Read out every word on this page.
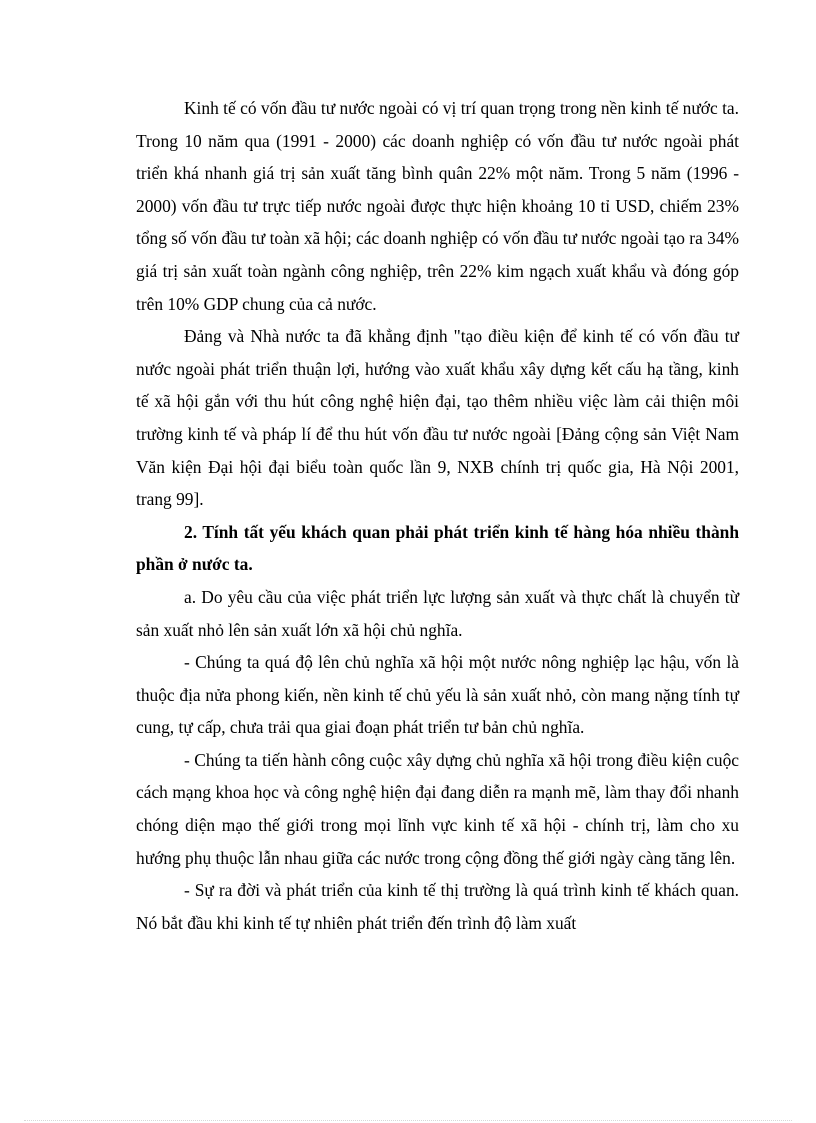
Kinh tế có vốn đầu tư nước ngoài có vị trí quan trọng trong nền kinh tế nước ta. Trong 10 năm qua (1991 - 2000) các doanh nghiệp có vốn đầu tư nước ngoài phát triển khá nhanh giá trị sản xuất tăng bình quân 22% một năm. Trong 5 năm (1996 - 2000) vốn đầu tư trực tiếp nước ngoài được thực hiện khoảng 10 tỉ USD, chiếm 23% tổng số vốn đầu tư toàn xã hội; các doanh nghiệp có vốn đầu tư nước ngoài tạo ra 34% giá trị sản xuất toàn ngành công nghiệp, trên 22% kim ngạch xuất khẩu và đóng góp trên 10% GDP chung của cả nước.

Đảng và Nhà nước ta đã khẳng định "tạo điều kiện để kinh tế có vốn đầu tư nước ngoài phát triển thuận lợi, hướng vào xuất khẩu xây dựng kết cấu hạ tầng, kinh tế xã hội gắn với thu hút công nghệ hiện đại, tạo thêm nhiều việc làm cải thiện môi trường kinh tế và pháp lí để thu hút vốn đầu tư nước ngoài [Đảng cộng sản Việt Nam Văn kiện Đại hội đại biểu toàn quốc lần 9, NXB chính trị quốc gia, Hà Nội 2001, trang 99].

2. Tính tất yếu khách quan phải phát triển kinh tế hàng hóa nhiều thành phần ở nước ta.

a. Do yêu cầu của việc phát triển lực lượng sản xuất và thực chất là chuyển từ sản xuất nhỏ lên sản xuất lớn xã hội chủ nghĩa.

- Chúng ta quá độ lên chủ nghĩa xã hội một nước nông nghiệp lạc hậu, vốn là thuộc địa nửa phong kiến, nền kinh tế chủ yếu là sản xuất nhỏ, còn mang nặng tính tự cung, tự cấp, chưa trải qua giai đoạn phát triển tư bản chủ nghĩa.

- Chúng ta tiến hành công cuộc xây dựng chủ nghĩa xã hội trong điều kiện cuộc cách mạng khoa học và công nghệ hiện đại đang diễn ra mạnh mẽ, làm thay đổi nhanh chóng diện mạo thế giới trong mọi lĩnh vực kinh tế xã hội - chính trị, làm cho xu hướng phụ thuộc lẫn nhau giữa các nước trong cộng đồng thế giới ngày càng tăng lên.

- Sự ra đời và phát triển của kinh tế thị trường là quá trình kinh tế khách quan. Nó bắt đầu khi kinh tế tự nhiên phát triển đến trình độ làm xuất
